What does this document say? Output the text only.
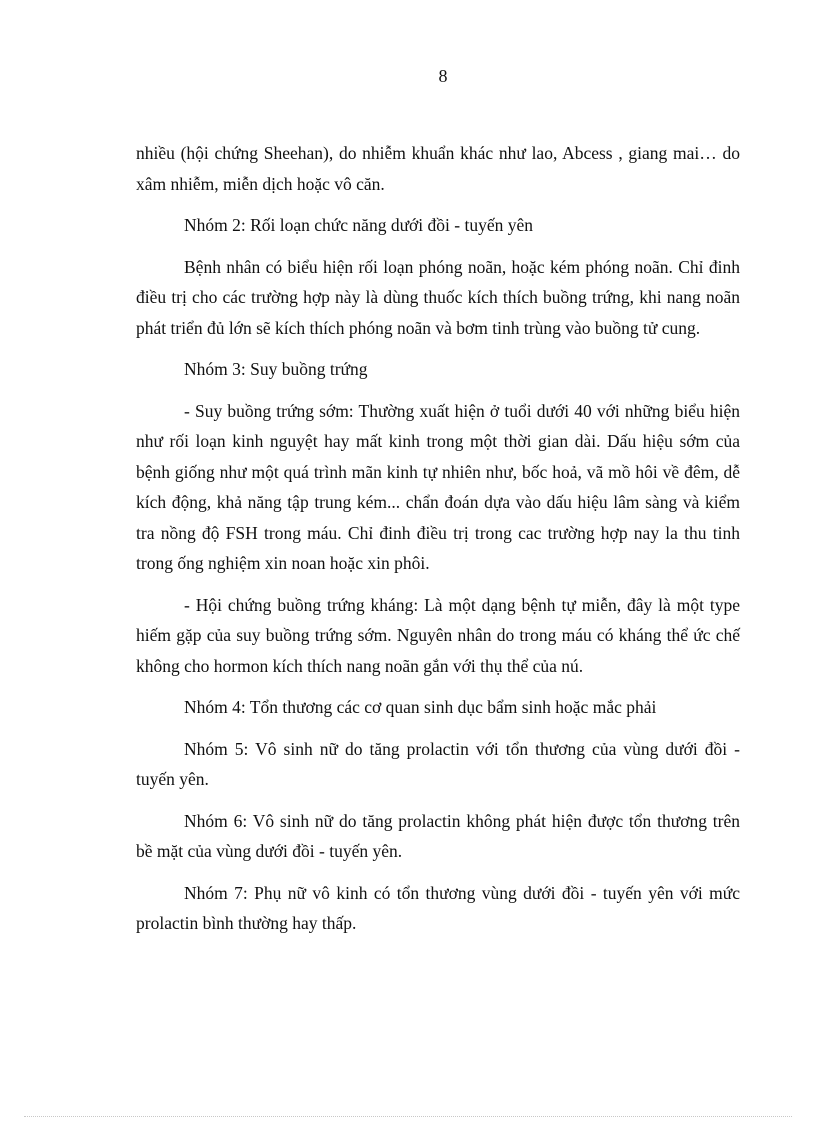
8

nhiều (hội chứng Sheehan), do nhiễm khuẩn khác như lao, Abcess , giang mai… do xâm nhiễm, miễn dịch hoặc vô căn.

Nhóm 2: Rối loạn chức năng dưới đồi - tuyến yên

Bệnh nhân có biểu hiện rối loạn phóng noãn, hoặc kém phóng noãn. Chỉ đinh điều trị cho các trường hợp này là dùng thuốc kích thích buồng trứng, khi nang noãn phát triển đủ lớn sẽ kích thích phóng noãn và bơm tinh trùng vào buồng tử cung.

Nhóm 3: Suy buồng trứng

- Suy buồng trứng sớm: Thường xuất hiện ở tuổi dưới 40 với những biểu hiện như rối loạn kinh nguyệt hay mất kinh trong một thời gian dài. Dấu hiệu sớm của bệnh giống như một quá trình mãn kinh tự nhiên như, bốc hoả, vã mồ hôi về đêm, dễ kích động, khả năng tập trung kém... chẩn đoán dựa vào dấu hiệu lâm sàng và kiểm tra nồng độ FSH trong máu. Chỉ đinh điều trị trong cac trường hợp nay la thu tinh trong ống nghiệm xin noan hoặc xin phôi.

- Hội chứng buồng trứng kháng: Là một dạng bệnh tự miễn, đây là một type hiếm gặp của suy buồng trứng sớm. Nguyên nhân do trong máu có kháng thể ức chế không cho hormon kích thích nang noãn gắn với thụ thể của nú.

Nhóm 4: Tổn thương các cơ quan sinh dục bẩm sinh hoặc mắc phải

Nhóm 5: Vô sinh nữ do tăng prolactin với tổn thương của vùng dưới đồi - tuyến yên.

Nhóm 6: Vô sinh nữ do tăng prolactin không phát hiện được tổn thương trên bề mặt của vùng dưới đồi - tuyến yên.

Nhóm 7: Phụ nữ vô kinh có tổn thương vùng dưới đồi - tuyến yên với mức prolactin bình thường hay thấp.
